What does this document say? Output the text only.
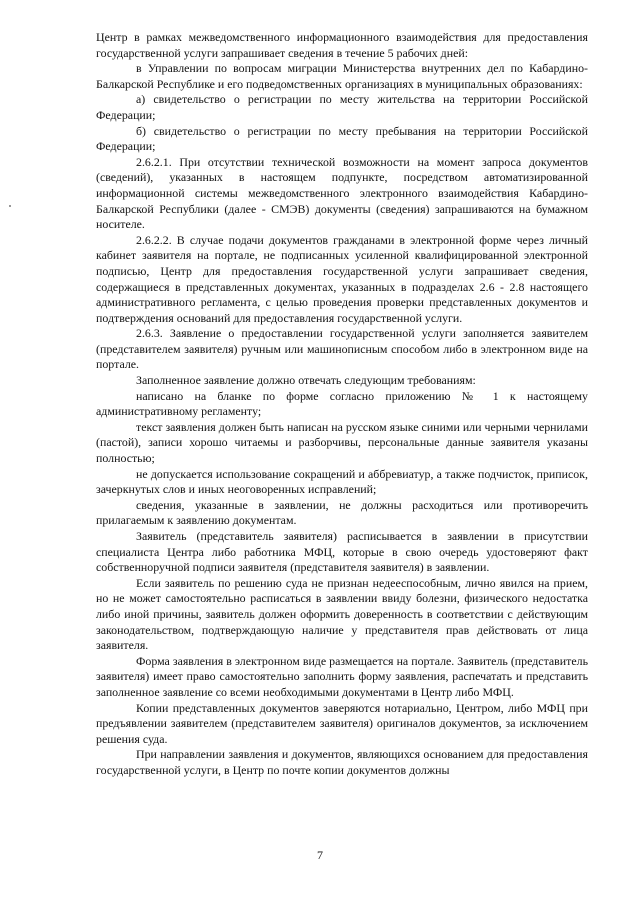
Центр в рамках межведомственного информационного взаимодействия для предоставления государственной услуги запрашивает сведения в течение 5 рабочих дней:

в Управлении по вопросам миграции Министерства внутренних дел по Кабардино-Балкарской Республике и его подведомственных организациях в муниципальных образованиях:

а) свидетельство о регистрации по месту жительства на территории Российской Федерации;

б) свидетельство о регистрации по месту пребывания на территории Российской Федерации;

2.6.2.1. При отсутствии технической возможности на момент запроса документов (сведений), указанных в настоящем подпункте, посредством автоматизированной информационной системы межведомственного электронного взаимодействия Кабардино-Балкарской Республики (далее - СМЭВ) документы (сведения) запрашиваются на бумажном носителе.

2.6.2.2. В случае подачи документов гражданами в электронной форме через личный кабинет заявителя на портале, не подписанных усиленной квалифицированной электронной подписью, Центр для предоставления государственной услуги запрашивает сведения, содержащиеся в представленных документах, указанных в подразделах 2.6 - 2.8 настоящего административного регламента, с целью проведения проверки представленных документов и подтверждения оснований для предоставления государственной услуги.

2.6.3. Заявление о предоставлении государственной услуги заполняется заявителем (представителем заявителя) ручным или машинописным способом либо в электронном виде на портале.

Заполненное заявление должно отвечать следующим требованиям:

написано на бланке по форме согласно приложению № 1 к настоящему административному регламенту;

текст заявления должен быть написан на русском языке синими или черными чернилами (пастой), записи хорошо читаемы и разборчивы, персональные данные заявителя указаны полностью;

не допускается использование сокращений и аббревиатур, а также подчисток, приписок, зачеркнутых слов и иных неоговоренных исправлений;

сведения, указанные в заявлении, не должны расходиться или противоречить прилагаемым к заявлению документам.

Заявитель (представитель заявителя) расписывается в заявлении в присутствии специалиста Центра либо работника МФЦ, которые в свою очередь удостоверяют факт собственноручной подписи заявителя (представителя заявителя) в заявлении.

Если заявитель по решению суда не признан недееспособным, лично явился на прием, но не может самостоятельно расписаться в заявлении ввиду болезни, физического недостатка либо иной причины, заявитель должен оформить доверенность в соответствии с действующим законодательством, подтверждающую наличие у представителя прав действовать от лица заявителя.

Форма заявления в электронном виде размещается на портале. Заявитель (представитель заявителя) имеет право самостоятельно заполнить форму заявления, распечатать и представить заполненное заявление со всеми необходимыми документами в Центр либо МФЦ.

Копии представленных документов заверяются нотариально, Центром, либо МФЦ при предъявлении заявителем (представителем заявителя) оригиналов документов, за исключением решения суда.

При направлении заявления и документов, являющихся основанием для предоставления государственной услуги, в Центр по почте копии документов должны

7
